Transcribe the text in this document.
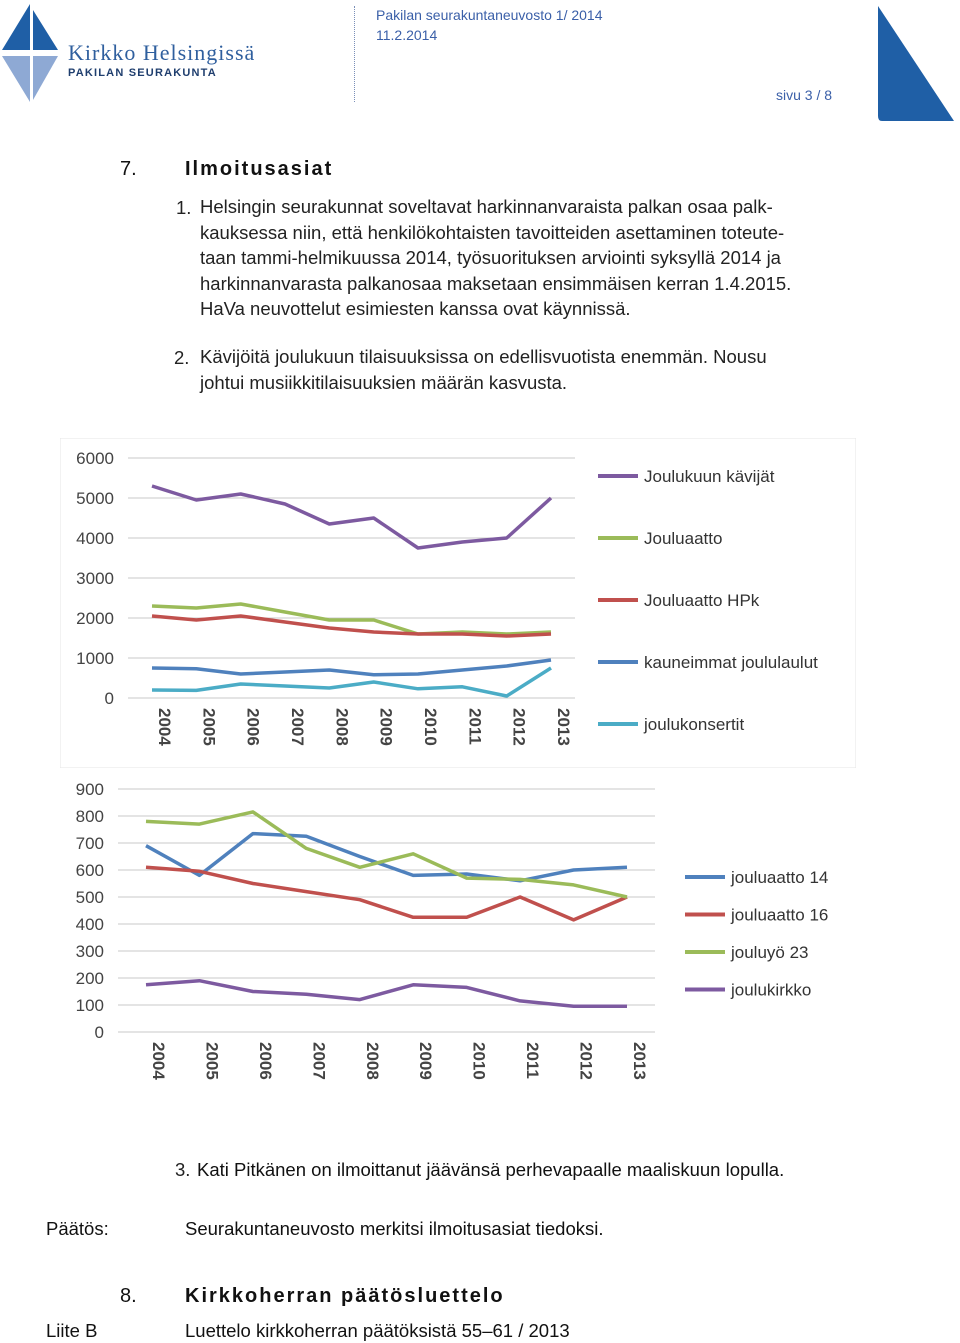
Kirkko Helsingissä
PAKILAN SEURAKUNTA
Pakilan seurakuntaneuvosto 1/ 2014
11.2.2014
sivu 3 / 8
7. Ilmoitusasiat
1. Helsingin seurakunnat soveltavat harkinnanvaraista palkan osaa palk-
kauksessa niin, että henkilökohtaisten tavoitteiden asettaminen toteute-
taan tammi-helmikuussa 2014, työsuorituksen arviointi syksyllä 2014 ja
harkinnanvarasta palkanosaa maksetaan ensimmäisen kerran 1.4.2015.
HaVa neuvottelut esimiesten kanssa ovat käynnissä.
2. Kävijöitä joulukuun tilaisuuksissa on edellisvuotista enemmän. Nousu
johtui musiikkitilaisuuksien määrän kasvusta.
6000
5000
4000
3000
2000
1000
0
2004 2005 2006 2007 2008 2009 2010 2011 2012 2013
Joulukuun kävijät
Jouluaatto
Jouluaatto HPk
kauneimmat joululaulut
joulukonsertit
900
800
700
600
500
400
300
200
100
0
2004 2005 2006 2007 2008 2009 2010 2011 2012 2013
jouluaatto 14
jouluaatto 16
jouluyö 23
joulukirkko
3. Kati Pitkänen on ilmoittanut jäävänsä perhevapaalle maaliskuun lopulla.
Päätös:	Seurakuntaneuvosto merkitsi ilmoitusasiat tiedoksi.
8. Kirkkoherran päätösluettelo
Liite B	Luettelo kirkkoherran päätöksistä 55–61 / 2013
